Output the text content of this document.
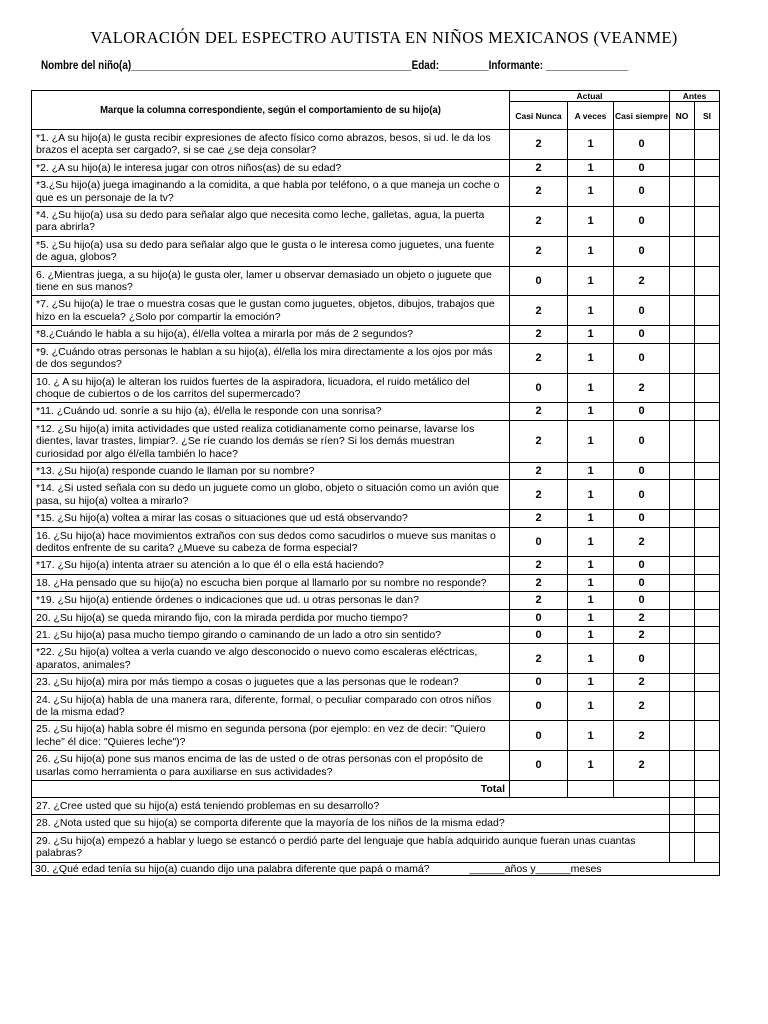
VALORACIÓN DEL ESPECTRO AUTISTA EN NIÑOS MEXICANOS (VEANME)
Nombre del niño(a)___________________________________________________Edad:_________Informante: _______________
Marque la columna correspondiente, según el comportamiento de su hijo(a)	Actual			Antes	
	Casi Nunca	A veces	Casi siempre	NO	SI
*1. ¿A su hijo(a) le gusta recibir expresiones de afecto físico como abrazos, besos, si ud. le da los brazos el acepta ser cargado?, si se cae ¿se deja consolar?	2	1	0		
*2. ¿A su hijo(a) le interesa jugar con otros niños(as) de su edad?	2	1	0		
*3.¿Su hijo(a) juega imaginando a la comidita, a que habla por teléfono, o a que maneja un coche o que es un personaje de la tv?	2	1	0		
*4. ¿Su hijo(a) usa su dedo para señalar algo que necesita como leche, galletas, agua, la puerta para abrirla?	2	1	0		
*5. ¿Su hijo(a) usa su dedo para señalar algo que le gusta o le interesa como juguetes, una fuente de agua, globos?	2	1	0		
6. ¿Mientras juega, a su hijo(a) le gusta oler, lamer u observar demasiado un objeto o juguete que tiene en sus manos?	0	1	2		
*7. ¿Su hijo(a) le trae o muestra cosas que le gustan como juguetes, objetos, dibujos, trabajos que hizo en la escuela? ¿Solo por compartir la emoción?	2	1	0		
*8.¿Cuándo le habla a su hijo(a), él/ella voltea a mirarla por más de 2 segundos?	2	1	0		
*9. ¿Cuándo otras personas le hablan a su hijo(a), él/ella los mira directamente a los ojos por más de dos segundos?	2	1	0		
10. ¿ A su hijo(a) le alteran los ruidos fuertes de la aspiradora, licuadora, el ruido metálico del choque de cubiertos o de los carritos del supermercado?	0	1	2		
*11. ¿Cuándo ud. sonríe a su hijo (a), él/ella le responde con una sonrisa?	2	1	0		
*12. ¿Su hijo(a) imita actividades que usted realiza cotidianamente como peinarse, lavarse los dientes, lavar trastes, limpiar?. ¿Se ríe cuando los demás se ríen? Si los demás muestran curiosidad por algo él/ella también lo hace?	2	1	0		
*13. ¿Su hijo(a) responde cuando le llaman por su nombre?	2	1	0		
*14. ¿Si usted señala con su dedo un juguete como un globo, objeto o situación como un avión que pasa, su hijo(a) voltea a mirarlo?	2	1	0		
*15. ¿Su hijo(a) voltea a mirar las cosas o situaciones que ud está observando?	2	1	0		
16. ¿Su hijo(a) hace movimientos extraños con sus dedos como sacudirlos o mueve sus manitas o deditos enfrente de su carita? ¿Mueve su cabeza de forma especial?	0	1	2		
*17. ¿Su hijo(a) intenta atraer su atención a lo que él o ella está haciendo?	2	1	0		
18. ¿Ha pensado que su hijo(a) no escucha bien porque al llamarlo por su nombre no responde?	2	1	0		
*19. ¿Su hijo(a) entiende órdenes o indicaciones que ud. u otras personas le dan?	2	1	0		
20. ¿Su hijo(a) se queda mirando fijo, con la mirada perdida por mucho tiempo?	0	1	2		
21. ¿Su hijo(a) pasa mucho tiempo girando o caminando de un lado a otro sin sentido?	0	1	2		
*22. ¿Su hijo(a) voltea a verla cuando ve algo desconocido o nuevo como escaleras eléctricas, aparatos, animales?	2	1	0		
23. ¿Su hijo(a) mira por más tiempo a cosas o juguetes que a las personas que le rodean?	0	1	2		
24. ¿Su hijo(a) habla de una manera rara, diferente, formal, o peculiar comparado con otros niños de la misma edad?	0	1	2		
25. ¿Su hijo(a) habla sobre él mismo en segunda persona (por ejemplo: en vez de decir: "Quiero leche" él dice: "Quieres leche")?	0	1	2		
26. ¿Su hijo(a) pone sus manos encima de las de usted o de otras personas con el propósito de usarlas como herramienta o para auxiliarse en sus actividades?	0	1	2		
Total					
27. ¿Cree usted que su hijo(a) está teniendo problemas en su desarrollo?					
28. ¿Nota usted que su hijo(a) se comporta diferente que la mayoría de los niños de la misma edad?					
29. ¿Su hijo(a) empezó a hablar y luego se estancó o perdió parte del lenguaje que había adquirido aunque fueran unas cuantas palabras?					
30. ¿Qué edad tenía su hijo(a) cuando dijo una palabra diferente que papá o mamá? ______años y______meses					
